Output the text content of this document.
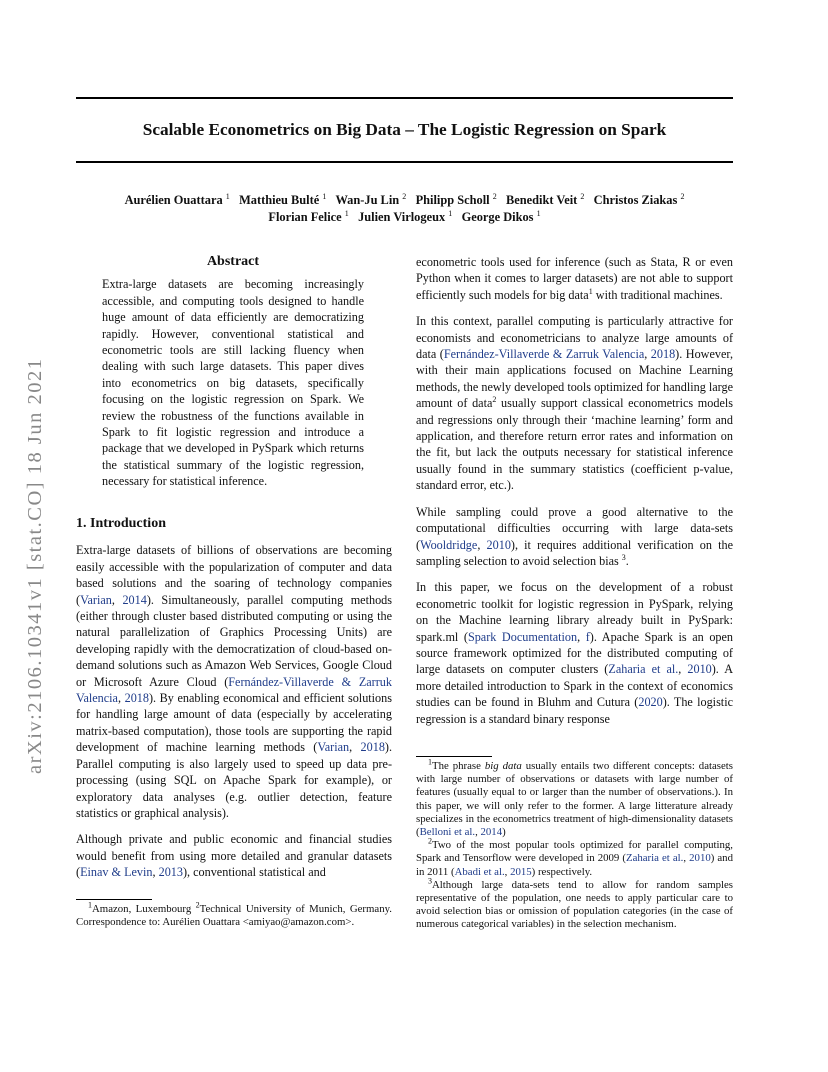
arXiv:2106.10341v1 [stat.CO] 18 Jun 2021
Scalable Econometrics on Big Data – The Logistic Regression on Spark
Aurélien Ouattara $^1$ Matthieu Bulté $^1$ Wan-Ju Lin $^2$ Philipp Scholl $^2$ Benedikt Veit $^2$ Christos Ziakas $^2$
Florian Felice $^1$ Julien Virlogeux $^1$ George Dikos $^1$
Abstract

Extra-large datasets are becoming increasingly accessible, and computing tools designed to handle huge amount of data efficiently are democratizing rapidly. However, conventional statistical and econometric tools are still lacking fluency when dealing with such large datasets. This paper dives into econometrics on big datasets, specifically focusing on the logistic regression on Spark. We review the robustness of the functions available in Spark to fit logistic regression and introduce a package that we developed in PySpark which returns the statistical summary of the logistic regression, necessary for statistical inference.

1. Introduction

Extra-large datasets of billions of observations are becoming easily accessible with the popularization of computer and data based solutions and the soaring of technology companies (Varian, 2014). Simultaneously, parallel computing methods (either through cluster based distributed computing or using the natural parallelization of Graphics Processing Units) are developing rapidly with the democratization of cloud-based on-demand solutions such as Amazon Web Services, Google Cloud or Microsoft Azure Cloud (Fernández-Villaverde & Zarruk Valencia, 2018). By enabling economical and efficient solutions for handling large amount of data (especially by accelerating matrix-based computation), those tools are supporting the rapid development of machine learning methods (Varian, 2018). Parallel computing is also largely used to speed up data pre-processing (using SQL on Apache Spark for example), or exploratory data analyses (e.g. outlier detection, feature statistics or graphical analysis).

Although private and public economic and financial studies would benefit from using more detailed and granular datasets (Einav & Levin, 2013), conventional statistical and

$^1$Amazon, Luxembourg $^2$Technical University of Munich, Germany. Correspondence to: Aurélien Ouattara <amiyao@amazon.com>.

econometric tools used for inference (such as Stata, R or even Python when it comes to larger datasets) are not able to support efficiently such models for big data$^1$ with traditional machines.

In this context, parallel computing is particularly attractive for economists and econometricians to analyze large amounts of data (Fernández-Villaverde & Zarruk Valencia, 2018). However, with their main applications focused on Machine Learning methods, the newly developed tools optimized for handling large amount of data$^2$ usually support classical econometrics models and regressions only through their ‘machine learning’ form and application, and therefore return error rates and information on the fit, but lack the outputs necessary for statistical inference usually found in the summary statistics (coefficient p-value, standard error, etc.).

While sampling could prove a good alternative to the computational difficulties occurring with large data-sets (Wooldridge, 2010), it requires additional verification on the sampling selection to avoid selection bias $^3$.

In this paper, we focus on the development of a robust econometric toolkit for logistic regression in PySpark, relying on the Machine learning library already built in PySpark: spark.ml (Spark Documentation, f). Apache Spark is an open source framework optimized for the distributed computing of large datasets on computer clusters (Zaharia et al., 2010). A more detailed introduction to Spark in the context of economics studies can be found in Bluhm and Cutura (2020). The logistic regression is a standard binary response

$^1$The phrase big data usually entails two different concepts: datasets with large number of observations or datasets with large number of features (usually equal to or larger than the number of observations.). In this paper, we will only refer to the former. A large litterature already specializes in the econometrics treatment of high-dimensionality datasets (Belloni et al., 2014)

$^2$Two of the most popular tools optimized for parallel computing, Spark and Tensorflow were developed in 2009 (Zaharia et al., 2010) and in 2011 (Abadi et al., 2015) respectively.

$^3$Although large data-sets tend to allow for random samples representative of the population, one needs to apply particular care to avoid selection bias or omission of population categories (in the case of numerous categorical variables) in the selection mechanism.
